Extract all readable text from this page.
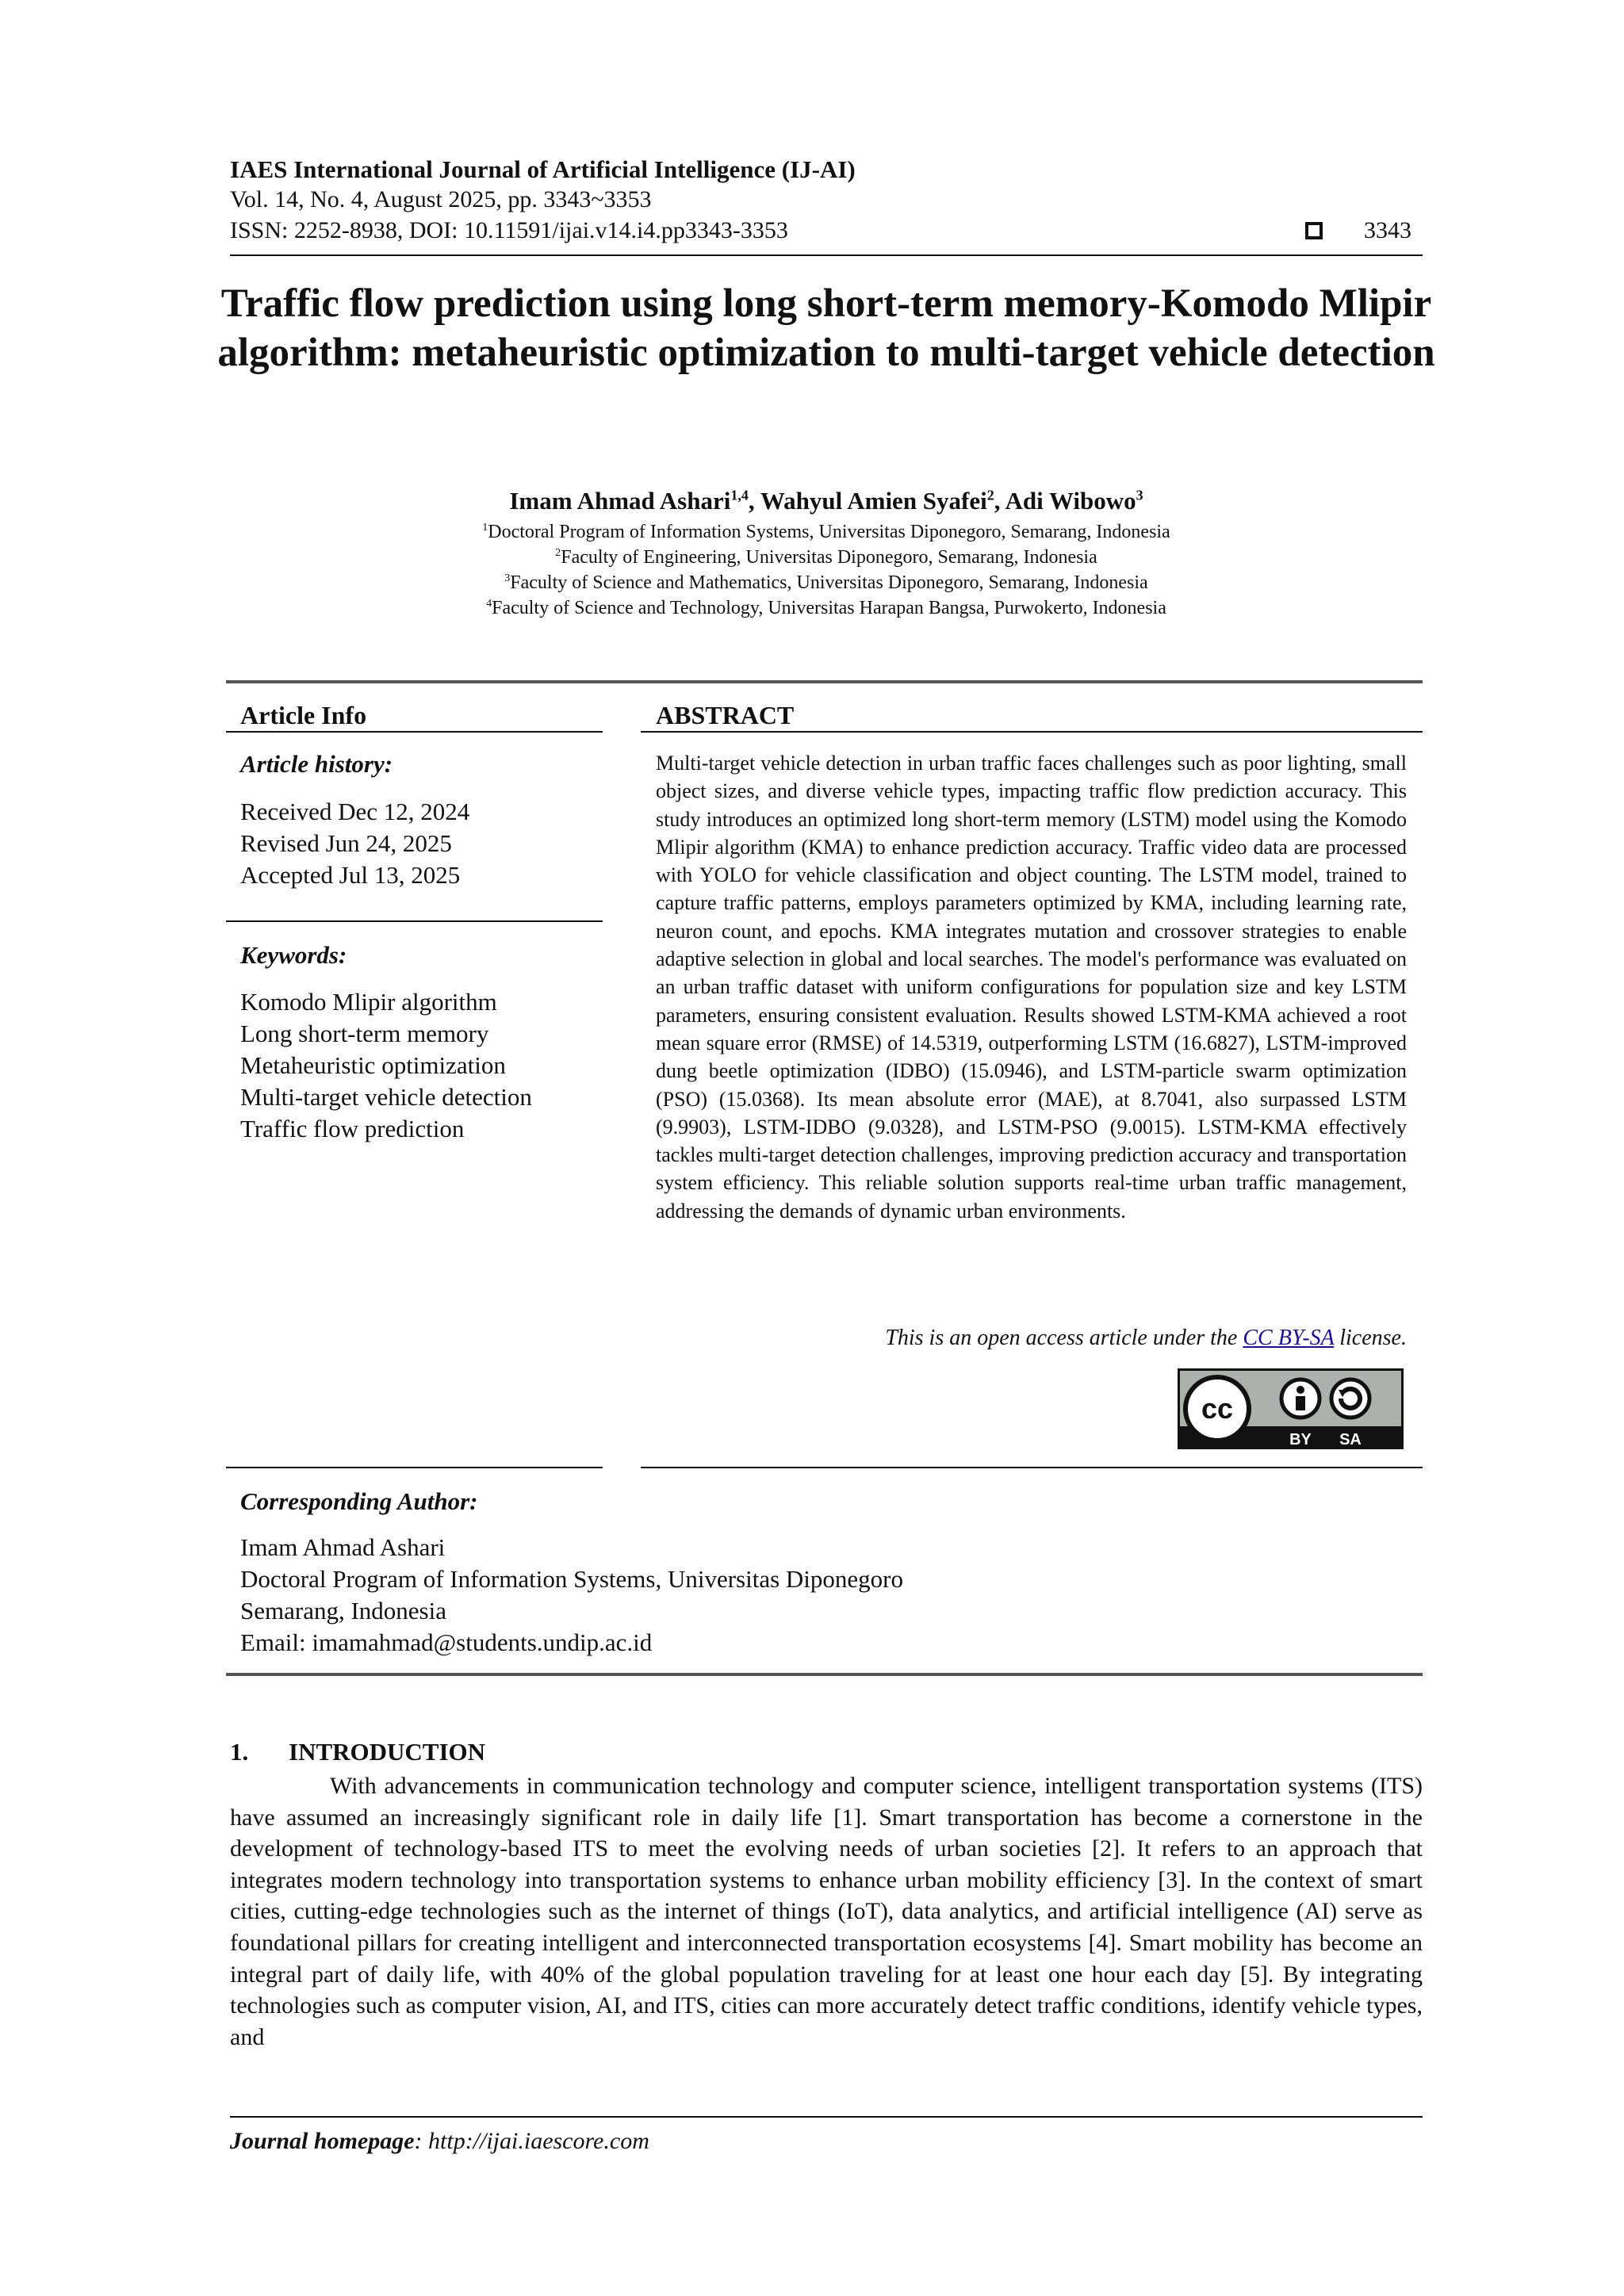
IAES International Journal of Artificial Intelligence (IJ-AI)
Vol. 14, No. 4, August 2025, pp. 3343~3353
ISSN: 2252-8938, DOI: 10.11591/ijai.v14.i4.pp3343-3353	3343
Traffic flow prediction using long short-term memory-Komodo Mlipir algorithm: metaheuristic optimization to multi-target vehicle detection
Imam Ahmad Ashari$^{1,4}$, Wahyul Amien Syafei$^2$, Adi Wibowo$^3$
$^1$Doctoral Program of Information Systems, Universitas Diponegoro, Semarang, Indonesia
$^2$Faculty of Engineering, Universitas Diponegoro, Semarang, Indonesia
$^3$Faculty of Science and Mathematics, Universitas Diponegoro, Semarang, Indonesia
$^4$Faculty of Science and Technology, Universitas Harapan Bangsa, Purwokerto, Indonesia
Article Info
Article history:
Received Dec 12, 2024
Revised Jun 24, 2025
Accepted Jul 13, 2025
Keywords:
Komodo Mlipir algorithm
Long short-term memory
Metaheuristic optimization
Multi-target vehicle detection
Traffic flow prediction
ABSTRACT
Multi-target vehicle detection in urban traffic faces challenges such as poor lighting, small object sizes, and diverse vehicle types, impacting traffic flow prediction accuracy. This study introduces an optimized long short-term memory (LSTM) model using the Komodo Mlipir algorithm (KMA) to enhance prediction accuracy. Traffic video data are processed with YOLO for vehicle classification and object counting. The LSTM model, trained to capture traffic patterns, employs parameters optimized by KMA, including learning rate, neuron count, and epochs. KMA integrates mutation and crossover strategies to enable adaptive selection in global and local searches. The model's performance was evaluated on an urban traffic dataset with uniform configurations for population size and key LSTM parameters, ensuring consistent evaluation. Results showed LSTM-KMA achieved a root mean square error (RMSE) of 14.5319, outperforming LSTM (16.6827), LSTM-improved dung beetle optimization (IDBO) (15.0946), and LSTM-particle swarm optimization (PSO) (15.0368). Its mean absolute error (MAE), at 8.7041, also surpassed LSTM (9.9903), LSTM-IDBO (9.0328), and LSTM-PSO (9.0015). LSTM-KMA effectively tackles multi-target detection challenges, improving prediction accuracy and transportation system efficiency. This reliable solution supports real-time urban traffic management, addressing the demands of dynamic urban environments.
This is an open access article under the CC BY-SA license.
cc
BY SA
Corresponding Author:
Imam Ahmad Ashari
Doctoral Program of Information Systems, Universitas Diponegoro
Semarang, Indonesia
Email: imamahmad@students.undip.ac.id
1. INTRODUCTION
With advancements in communication technology and computer science, intelligent transportation systems (ITS) have assumed an increasingly significant role in daily life [1]. Smart transportation has become a cornerstone in the development of technology-based ITS to meet the evolving needs of urban societies [2]. It refers to an approach that integrates modern technology into transportation systems to enhance urban mobility efficiency [3]. In the context of smart cities, cutting-edge technologies such as the internet of things (IoT), data analytics, and artificial intelligence (AI) serve as foundational pillars for creating intelligent and interconnected transportation ecosystems [4]. Smart mobility has become an integral part of daily life, with 40% of the global population traveling for at least one hour each day [5]. By integrating technologies such as computer vision, AI, and ITS, cities can more accurately detect traffic conditions, identify vehicle types, and
Journal homepage: http://ijai.iaescore.com
